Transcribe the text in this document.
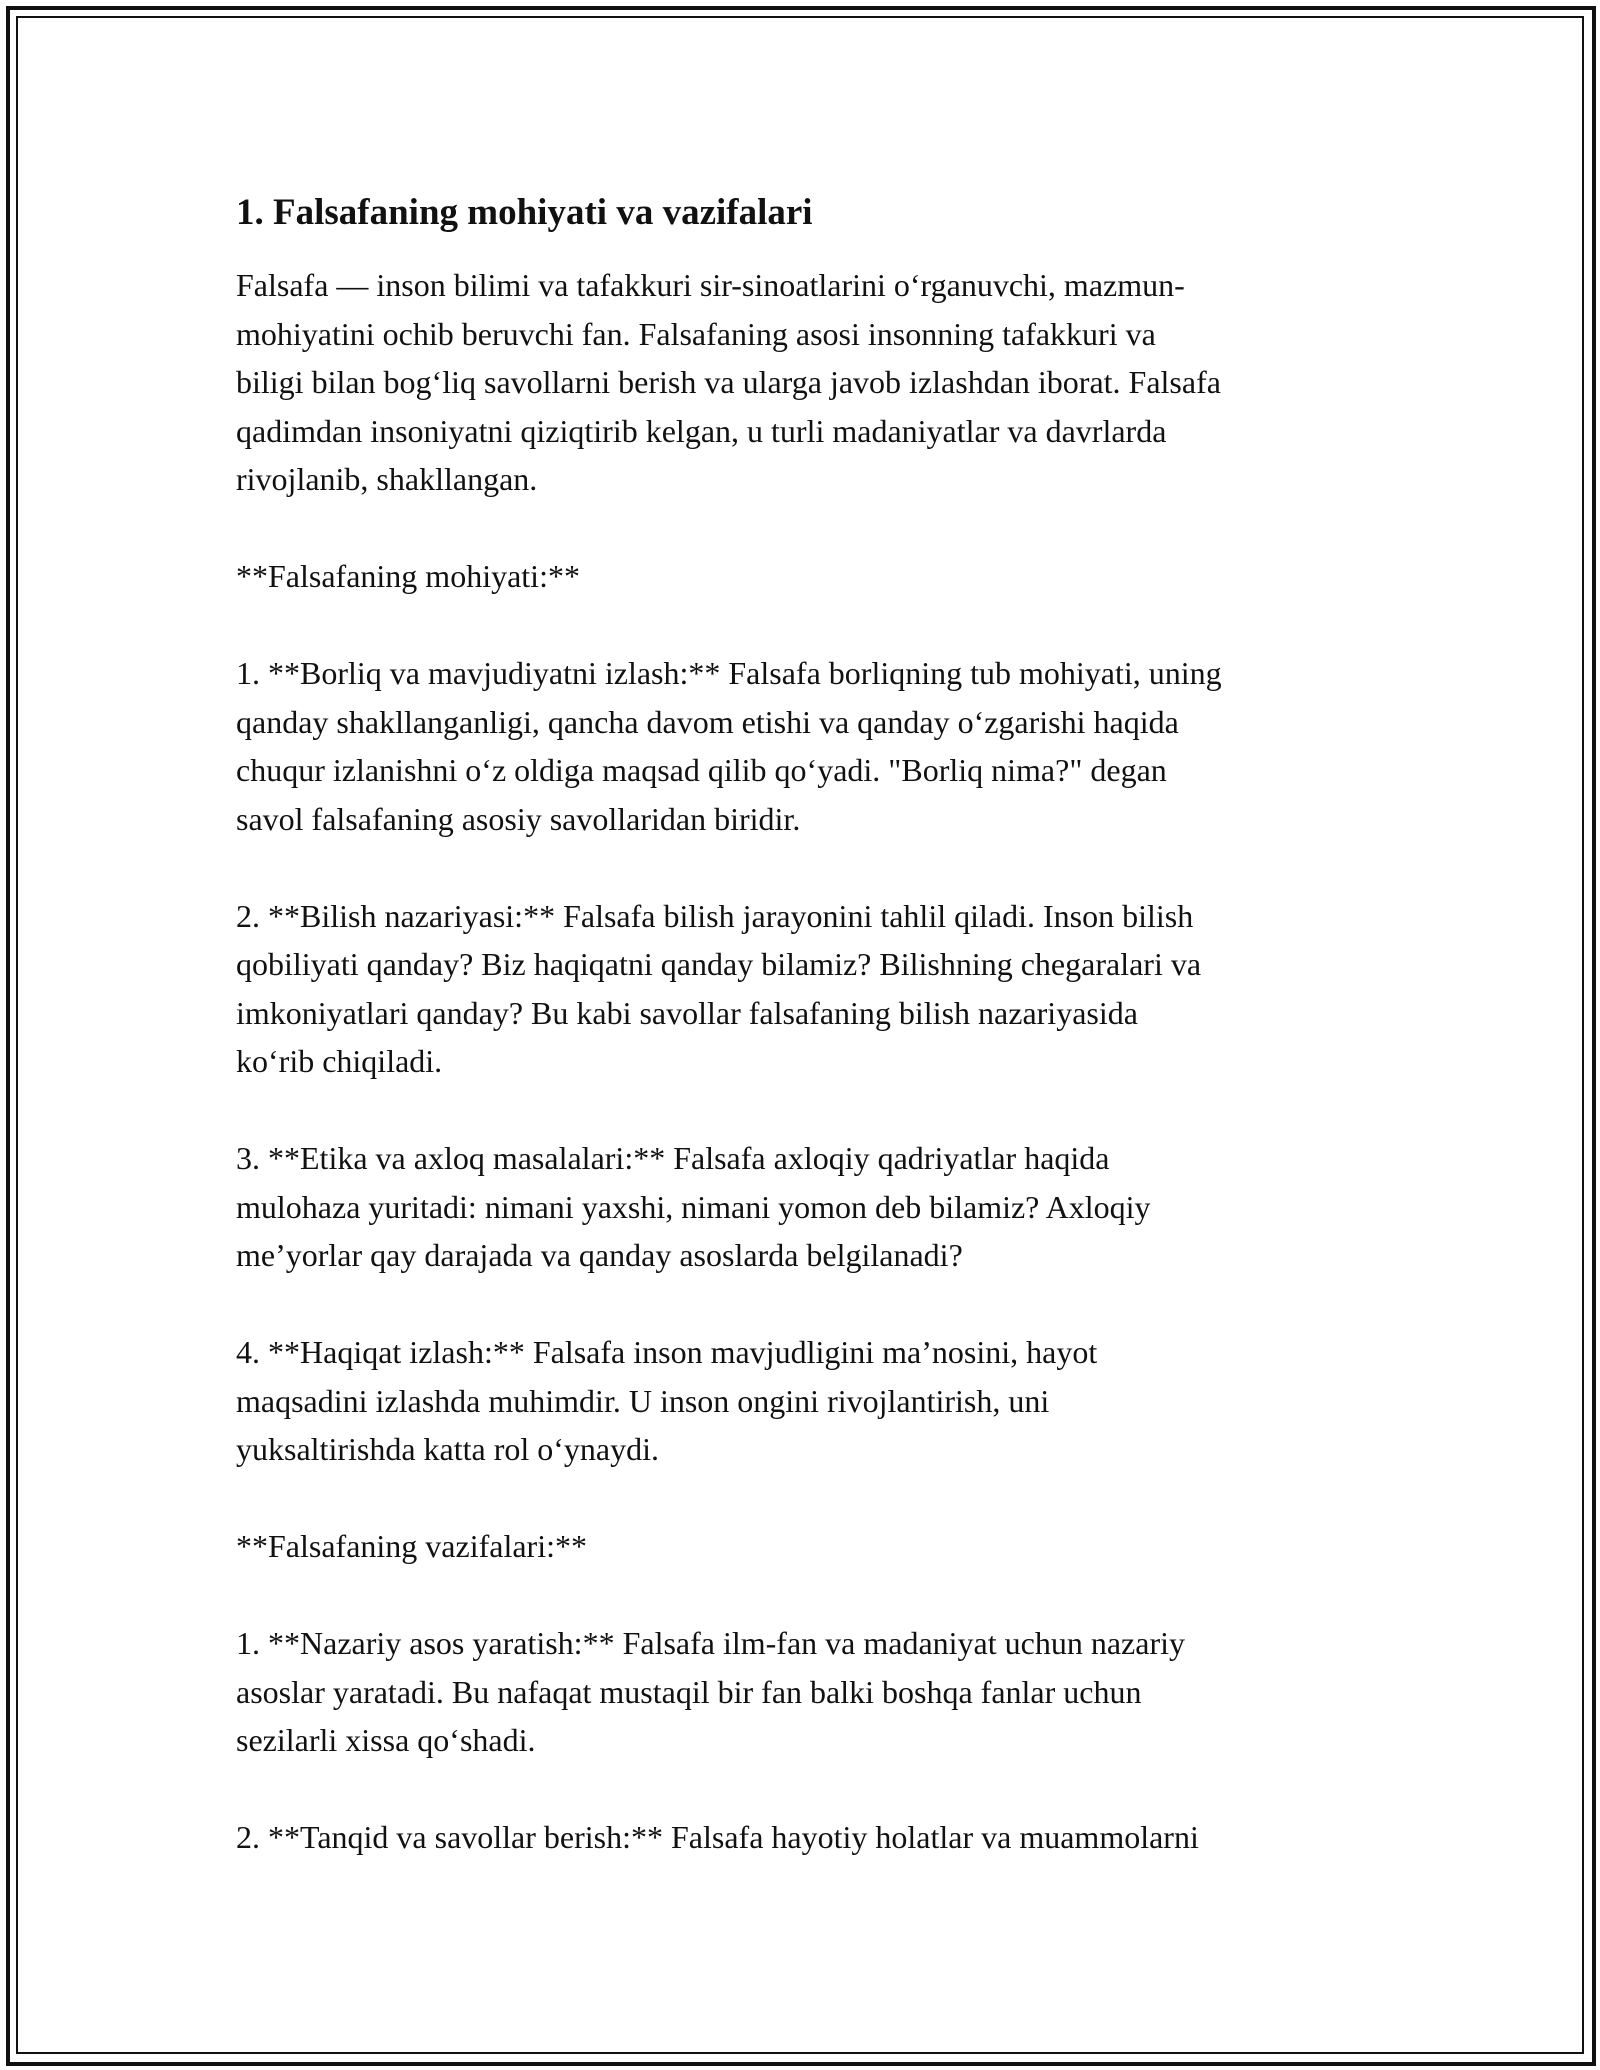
1. Falsafaning mohiyati va vazifalari
Falsafa — inson bilimi va tafakkuri sir-sinoatlarini o‘rganuvchi, mazmun-
mohiyatini ochib beruvchi fan. Falsafaning asosi insonning tafakkuri va
biligi bilan bog‘liq savollarni berish va ularga javob izlashdan iborat. Falsafa
qadimdan insoniyatni qiziqtirib kelgan, u turli madaniyatlar va davrlarda
rivojlanib, shakllangan.
**Falsafaning mohiyati:**
1. **Borliq va mavjudiyatni izlash:** Falsafa borliqning tub mohiyati, uning
qanday shakllanganligi, qancha davom etishi va qanday o‘zgarishi haqida
chuqur izlanishni o‘z oldiga maqsad qilib qo‘yadi. "Borliq nima?" degan
savol falsafaning asosiy savollaridan biridir.
2. **Bilish nazariyasi:** Falsafa bilish jarayonini tahlil qiladi. Inson bilish
qobiliyati qanday? Biz haqiqatni qanday bilamiz? Bilishning chegaralari va
imkoniyatlari qanday? Bu kabi savollar falsafaning bilish nazariyasida
ko‘rib chiqiladi.
3. **Etika va axloq masalalari:** Falsafa axloqiy qadriyatlar haqida
mulohaza yuritadi: nimani yaxshi, nimani yomon deb bilamiz? Axloqiy
me’yorlar qay darajada va qanday asoslarda belgilanadi?
4. **Haqiqat izlash:** Falsafa inson mavjudligini ma’nosini, hayot
maqsadini izlashda muhimdir. U inson ongini rivojlantirish, uni
yuksaltirishda katta rol o‘ynaydi.
**Falsafaning vazifalari:**
1. **Nazariy asos yaratish:** Falsafa ilm-fan va madaniyat uchun nazariy
asoslar yaratadi. Bu nafaqat mustaqil bir fan balki boshqa fanlar uchun
sezilarli xissa qo‘shadi.
2. **Tanqid va savollar berish:** Falsafa hayotiy holatlar va muammolarni
